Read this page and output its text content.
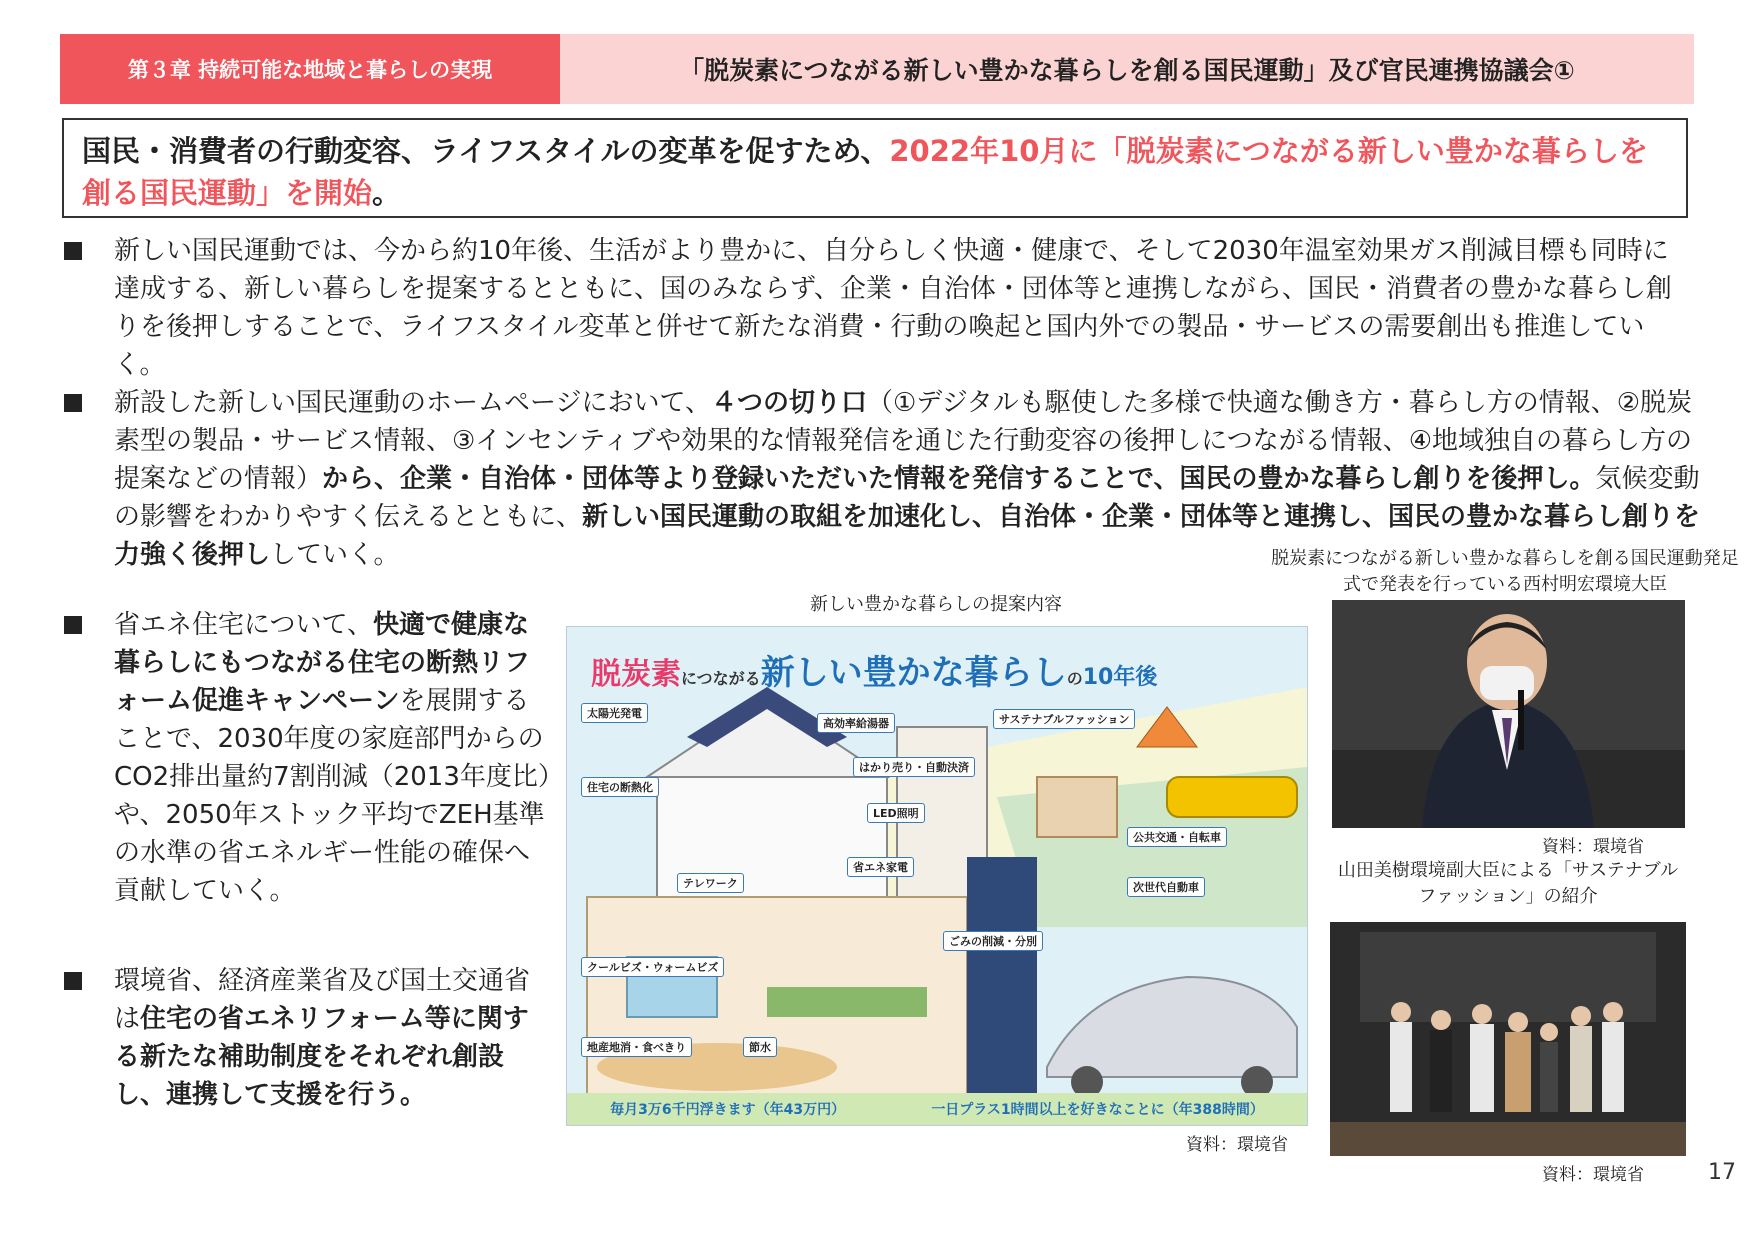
第３章 持続可能な地域と暮らしの実現	「脱炭素につながる新しい豊かな暮らしを創る国民運動」及び官民連携協議会①
国民・消費者の行動変容、ライフスタイルの変革を促すため、2022年10月に「脱炭素につながる新しい豊かな暮らしを創る国民運動」を開始。
新しい国民運動では、今から約10年後、生活がより豊かに、自分らしく快適・健康で、そして2030年温室効果ガス削減目標も同時に達成する、新しい暮らしを提案するとともに、国のみならず、企業・自治体・団体等と連携しながら、国民・消費者の豊かな暮らし創りを後押しすることで、ライフスタイル変革と併せて新たな消費・行動の喚起と国内外での製品・サービスの需要創出も推進していく。
新設した新しい国民運動のホームページにおいて、４つの切り口（①デジタルも駆使した多様で快適な働き方・暮らし方の情報、②脱炭素型の製品・サービス情報、③インセンティブや効果的な情報発信を通じた行動変容の後押しにつながる情報、④地域独自の暮らし方の提案などの情報）から、企業・自治体・団体等より登録いただいた情報を発信することで、国民の豊かな暮らし創りを後押し。気候変動の影響をわかりやすく伝えるとともに、新しい国民運動の取組を加速化し、自治体・企業・団体等と連携し、国民の豊かな暮らし創りを力強く後押ししていく。
省エネ住宅について、快適で健康な暮らしにもつながる住宅の断熱リフォーム促進キャンペーンを展開することで、2030年度の家庭部門からのCO2排出量約7割削減（2013年度比）や、2050年ストック平均でZEH基準の水準の省エネルギー性能の確保へ貢献していく。
環境省、経済産業省及び国土交通省は住宅の省エネリフォーム等に関する新たな補助制度をそれぞれ創設し、連携して支援を行う。
新しい豊かな暮らしの提案内容
脱炭素につながる新しい豊かな暮らしの10年後
太陽光発電
高効率給湯器	サステナブルファッション
はかり売り・自動決済
住宅の断熱化
LED照明
公共交通・自転車
テレワーク
省エネ家電
次世代自動車
クールビズ・ウォームビズ
ごみの削減・分別
地産地消・食べきり	節水
毎月3万6千円浮きます（年43万円）	一日プラス1時間以上を好きなことに（年388時間）
資料：環境省
脱炭素につながる新しい豊かな暮らしを創る国民運動発足式で発表を行っている西村明宏環境大臣
資料：環境省
山田美樹環境副大臣による「サステナブルファッション」の紹介
資料：環境省	17
